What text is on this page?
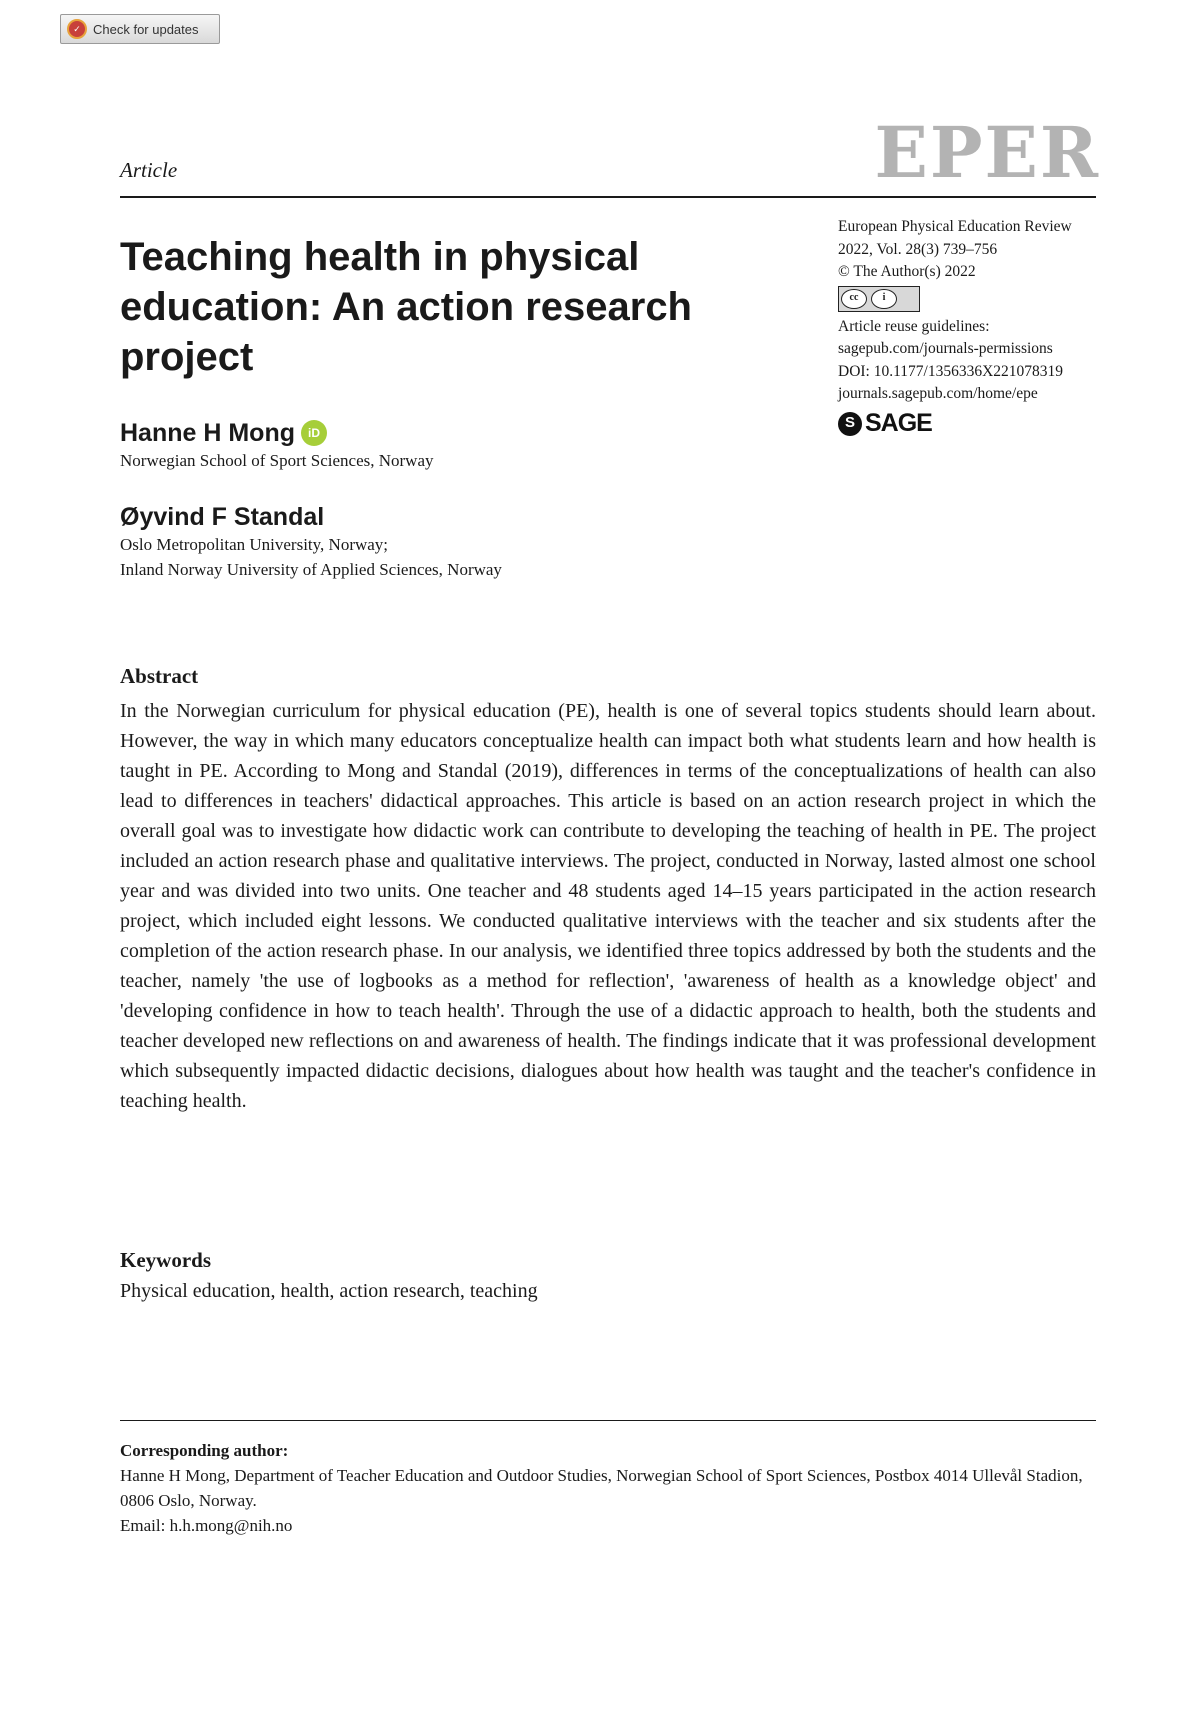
✓ Check for updates
EPER
Article
Teaching health in physical education: An action research project
European Physical Education Review
2022, Vol. 28(3) 739–756
© The Author(s) 2022
cc	i
Article reuse guidelines:
sagepub.com/journals-permissions
DOI: 10.1177/1356336X221078319
journals.sagepub.com/home/epe
S SAGE
Hanne H Mong	iD
Norwegian School of Sport Sciences, Norway
Øyvind F Standal
Oslo Metropolitan University, Norway;
Inland Norway University of Applied Sciences, Norway
Abstract

In the Norwegian curriculum for physical education (PE), health is one of several topics students should learn about. However, the way in which many educators conceptualize health can impact both what students learn and how health is taught in PE. According to Mong and Standal (2019), differences in terms of the conceptualizations of health can also lead to differences in teachers' didactical approaches. This article is based on an action research project in which the overall goal was to investigate how didactic work can contribute to developing the teaching of health in PE. The project included an action research phase and qualitative interviews. The project, conducted in Norway, lasted almost one school year and was divided into two units. One teacher and 48 students aged 14–15 years participated in the action research project, which included eight lessons. We conducted qualitative interviews with the teacher and six students after the completion of the action research phase. In our analysis, we identified three topics addressed by both the students and the teacher, namely 'the use of logbooks as a method for reflection', 'awareness of health as a knowledge object' and 'developing confidence in how to teach health'. Through the use of a didactic approach to health, both the students and teacher developed new reflections on and awareness of health. The findings indicate that it was professional development which subsequently impacted didactic decisions, dialogues about how health was taught and the teacher's confidence in teaching health.

Keywords
Physical education, health, action research, teaching
Corresponding author:
Hanne H Mong, Department of Teacher Education and Outdoor Studies, Norwegian School of Sport Sciences, Postbox 4014 Ullevål Stadion, 0806 Oslo, Norway.
Email: h.h.mong@nih.no
